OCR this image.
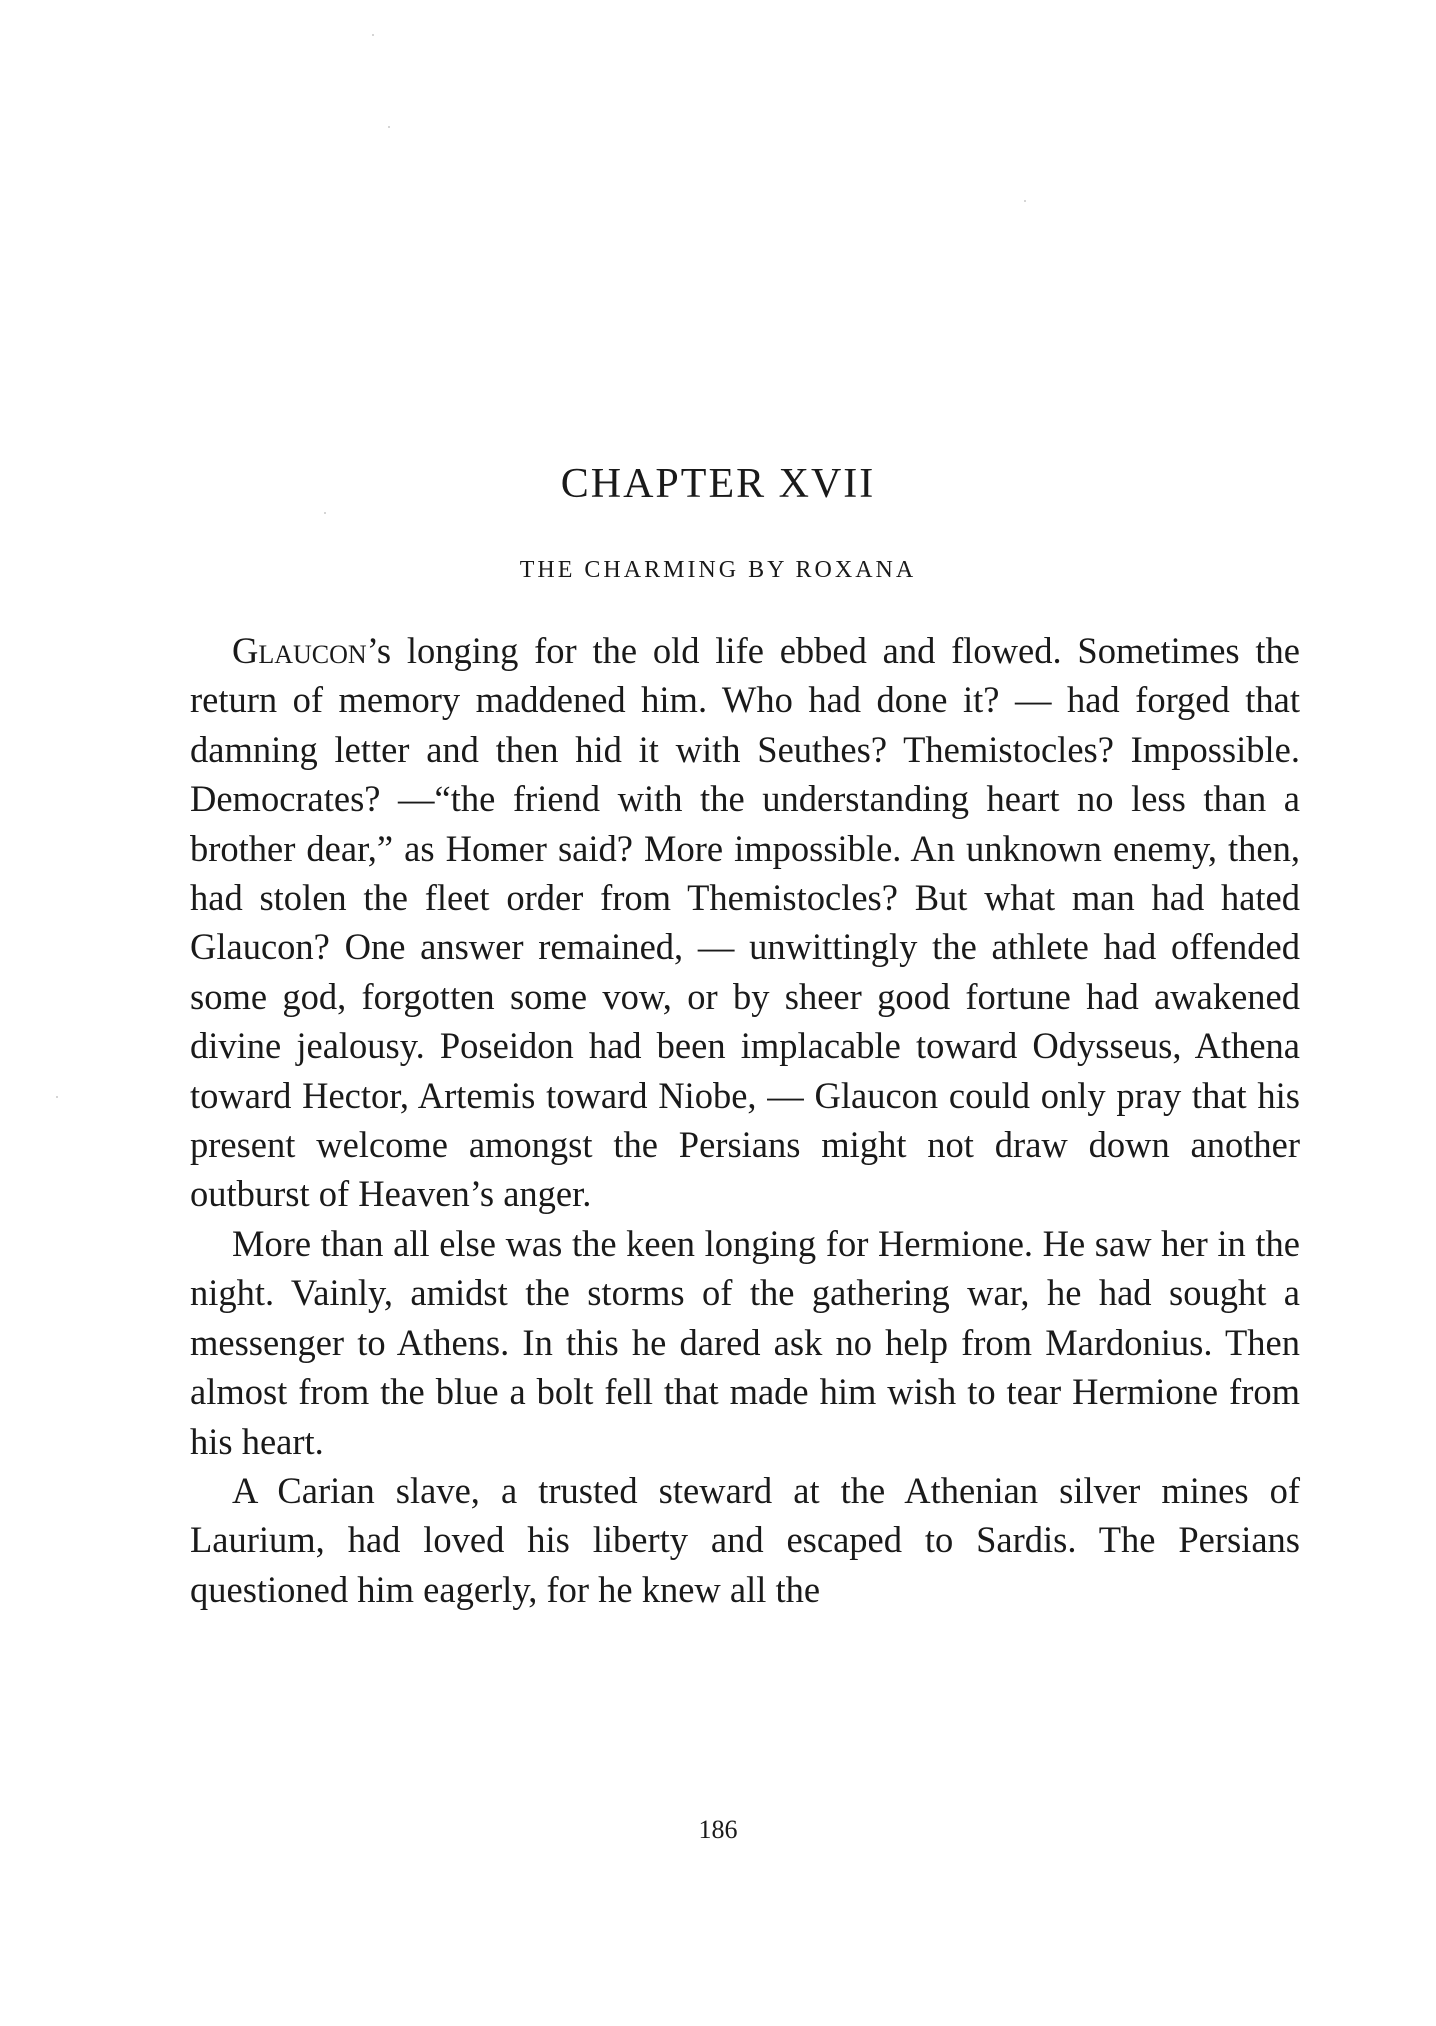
CHAPTER XVII
THE CHARMING BY ROXANA

Glaucon’s longing for the old life ebbed and flowed. Sometimes the return of memory maddened him. Who had done it? — had forged that damning letter and then hid it with Seuthes? Themistocles? Impossible. Democrates? —“the friend with the understanding heart no less than a brother dear,” as Homer said? More impossible. An unknown enemy, then, had stolen the fleet order from Themistocles? But what man had hated Glaucon? One answer remained, — unwittingly the athlete had offended some god, forgotten some vow, or by sheer good fortune had awakened divine jealousy. Poseidon had been implacable toward Odysseus, Athena toward Hector, Artemis toward Niobe, — Glaucon could only pray that his present welcome amongst the Persians might not draw down another outburst of Heaven’s anger.

More than all else was the keen longing for Hermione. He saw her in the night. Vainly, amidst the storms of the gathering war, he had sought a messenger to Athens. In this he dared ask no help from Mardonius. Then almost from the blue a bolt fell that made him wish to tear Hermione from his heart.

A Carian slave, a trusted steward at the Athenian silver mines of Laurium, had loved his liberty and escaped to Sardis. The Persians questioned him eagerly, for he knew all the

186
